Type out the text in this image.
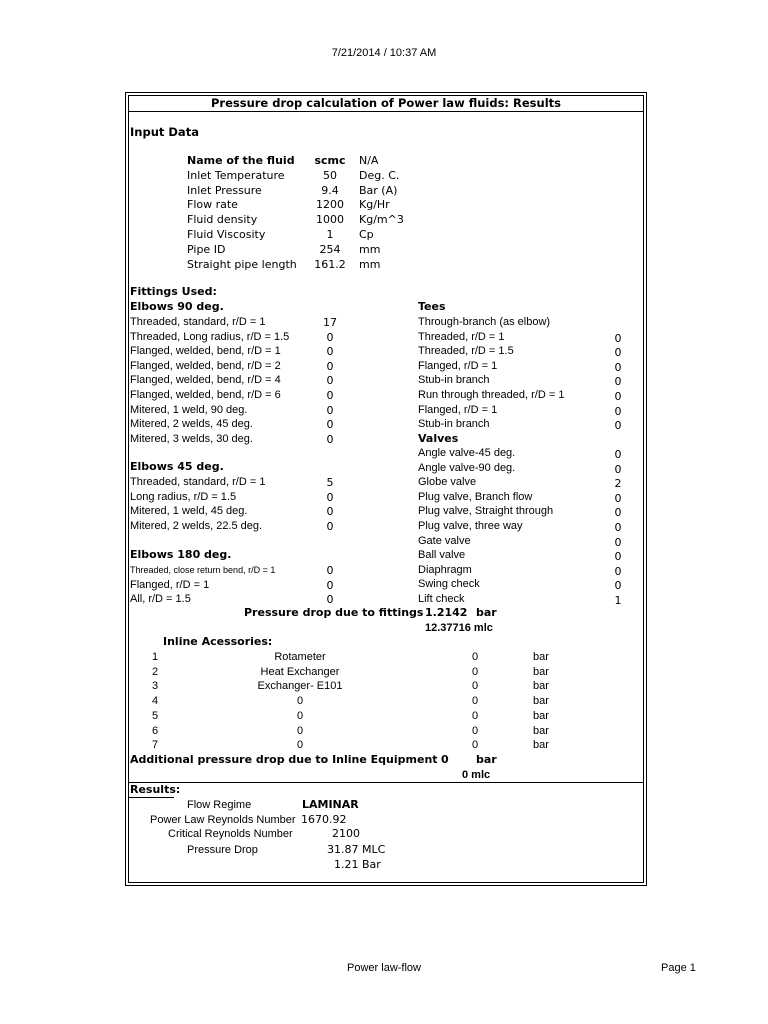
7/21/2014 / 10:37 AM
Pressure drop calculation of Power law fluids: Results
Input Data
Name of the fluid	scmc	N/A
Inlet Temperature	50	Deg. C.
Inlet Pressure	9.4	Bar (A)
Flow rate	1200	Kg/Hr
Fluid density	1000	Kg/m^3
Fluid Viscosity	1	Cp
Pipe ID	254	mm
Straight pipe length	161.2	mm
Fittings Used:
Elbows 90 deg.
Threaded, standard, r/D = 1	17
Threaded, Long radius, r/D = 1.5	0
Flanged, welded, bend, r/D = 1	0
Flanged, welded, bend, r/D = 2	0
Flanged, welded, bend, r/D = 4	0
Flanged, welded, bend, r/D = 6	0
Mitered, 1 weld, 90 deg.	0
Mitered, 2 welds, 45 deg.	0
Mitered, 3 welds, 30 deg.	0
Elbows 45 deg.
Threaded, standard, r/D = 1	5
Long radius, r/D = 1.5	0
Mitered, 1 weld, 45 deg.	0
Mitered, 2 welds, 22.5 deg.	0
Elbows 180 deg.
Threaded, close return bend, r/D = 1	0
Flanged, r/D = 1	0
All, r/D = 1.5	0
Tees
Through-branch (as elbow)
Threaded, r/D = 1	0
Threaded, r/D = 1.5	0
Flanged, r/D = 1	0
Stub-in branch	0
Run through threaded, r/D = 1	0
Flanged, r/D = 1	0
Stub-in branch	0
Valves
Angle valve-45 deg.	0
Angle valve-90 deg.	0
Globe valve	2
Plug valve, Branch flow	0
Plug valve, Straight through	0
Plug valve, three way	0
Gate valve	0
Ball valve	0
Diaphragm	0
Swing check	0
Lift check	1
Pressure drop due to fittings 1.2142 bar
12.37716 mlc
Inline Acessories:
1	Rotameter	0	bar
2	Heat Exchanger	0	bar
3	Exchanger- E101	0	bar
4	0	0	bar
5	0	0	bar
6	0	0	bar
7	0	0	bar
Additional pressure drop due to Inline Equipment 0 bar
0 mlc
Results:
Flow Regime	LAMINAR
Power Law Reynolds Number 1670.92
Critical Reynolds Number	2100
Pressure Drop	31.87 MLC
1.21 Bar
Power law-flow	Page 1
